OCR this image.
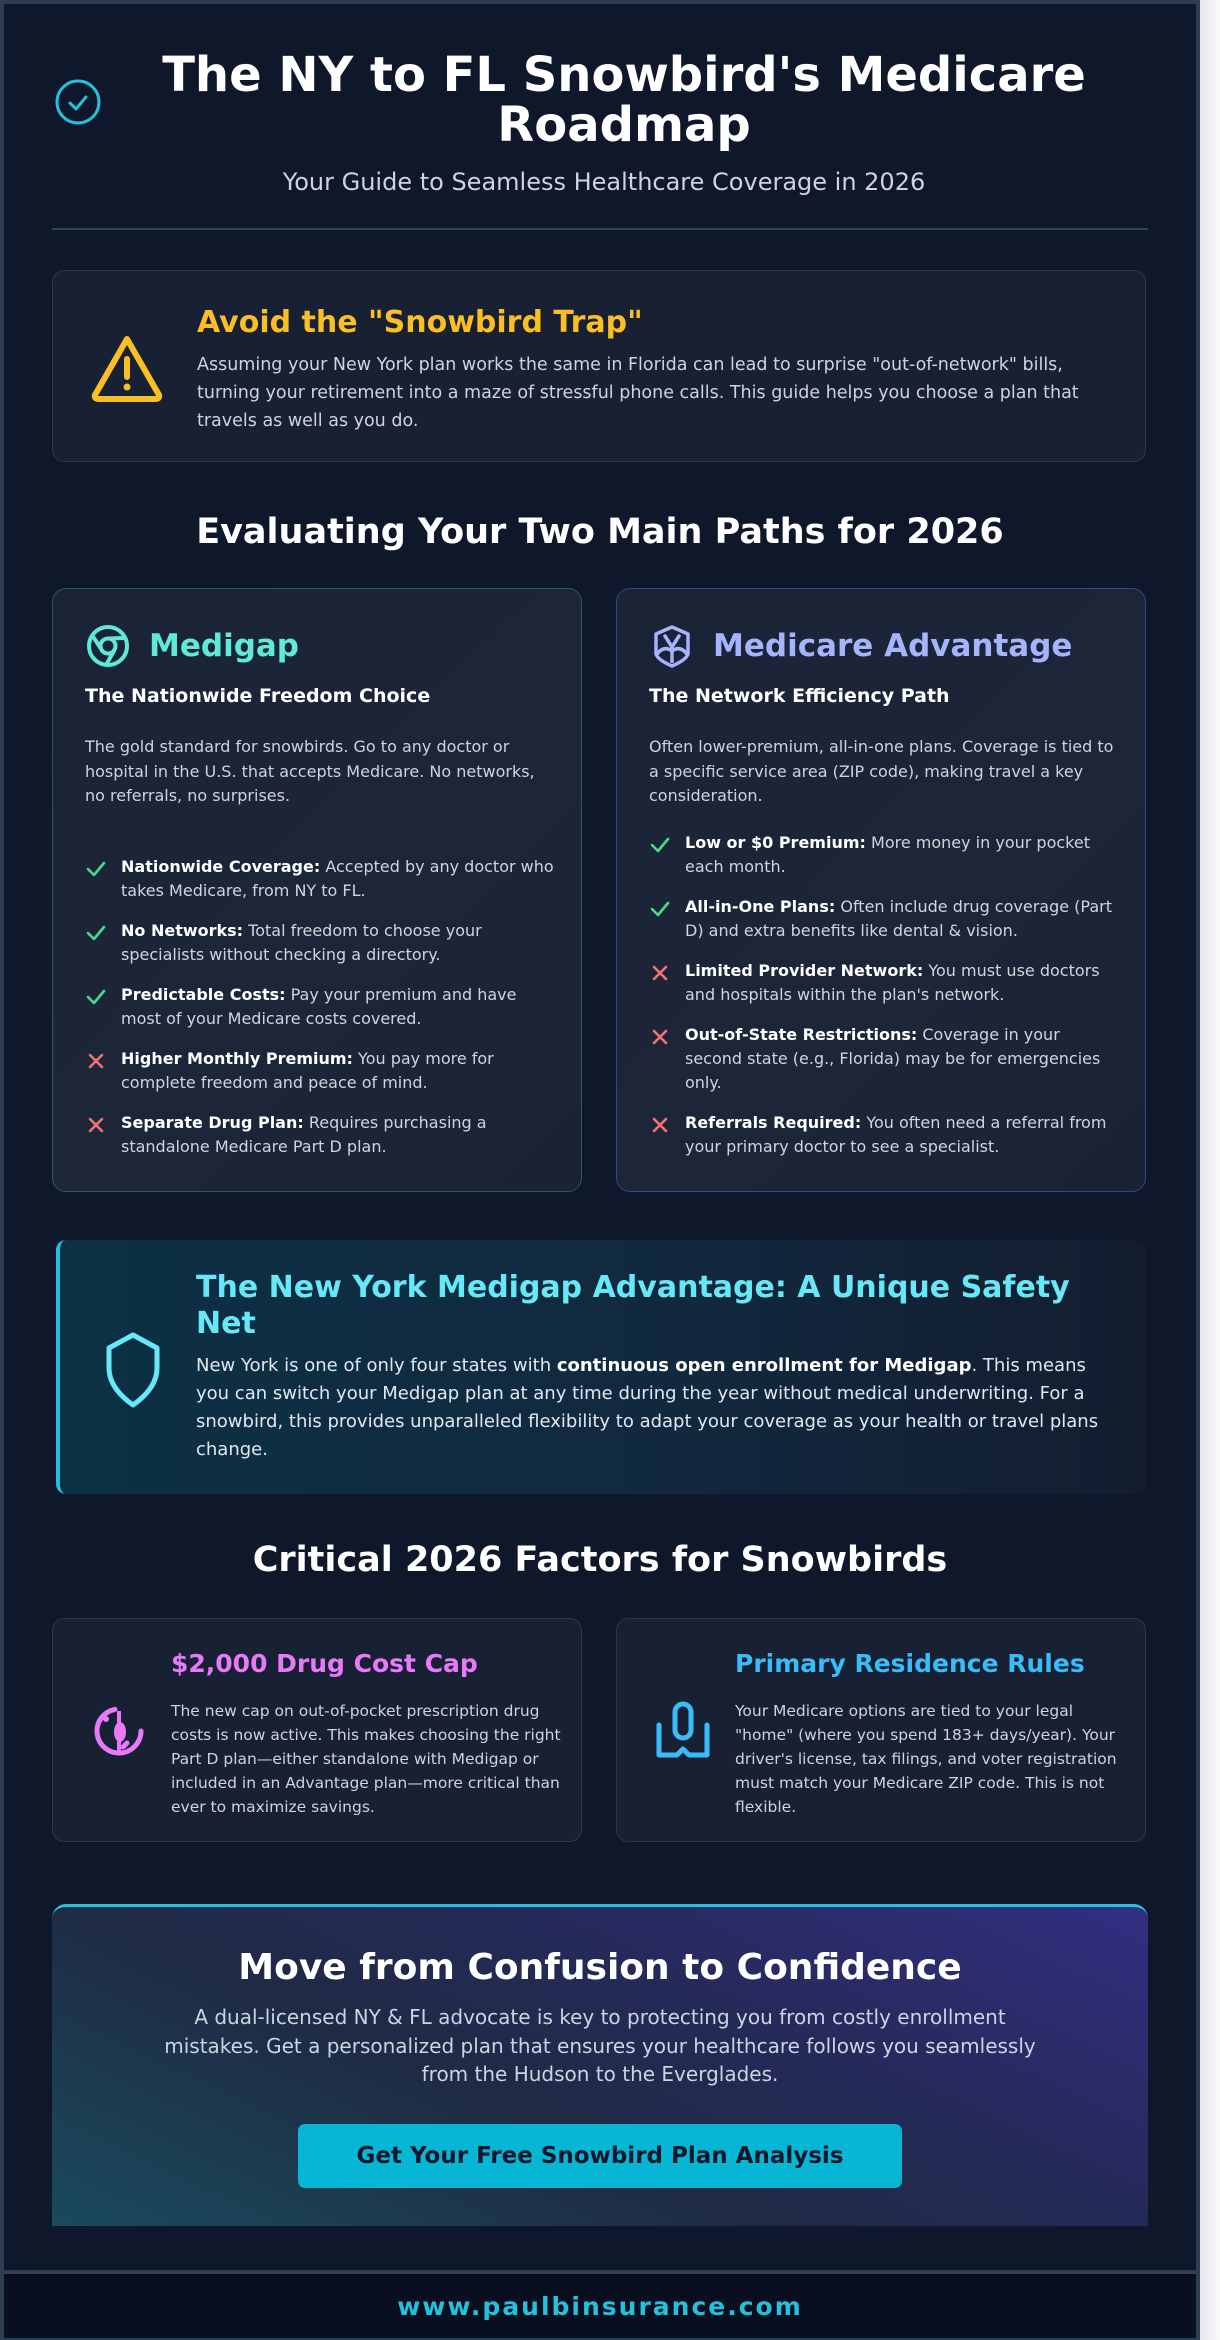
The NY to FL Snowbird's Medicare Roadmap

Your Guide to Seamless Healthcare Coverage in 2026

Avoid the "Snowbird Trap"

Assuming your New York plan works the same in Florida can lead to surprise "out-of-network" bills, turning your retirement into a maze of stressful phone calls. This guide helps you choose a plan that travels as well as you do.

Evaluating Your Two Main Paths for 2026
Medigap
The Nationwide Freedom Choice

The gold standard for snowbirds. Go to any doctor or hospital in the U.S. that accepts Medicare. No networks, no referrals, no surprises.

Nationwide Coverage: Accepted by any doctor who takes Medicare, from NY to FL.
No Networks: Total freedom to choose your specialists without checking a directory.
Predictable Costs: Pay your premium and have most of your Medicare costs covered.
Higher Monthly Premium: You pay more for complete freedom and peace of mind.
Separate Drug Plan: Requires purchasing a standalone Medicare Part D plan.
Medicare Advantage
The Network Efficiency Path

Often lower-premium, all-in-one plans. Coverage is tied to a specific service area (ZIP code), making travel a key consideration.

Low or $0 Premium: More money in your pocket each month.
All-in-One Plans: Often include drug coverage (Part D) and extra benefits like dental & vision.
Limited Provider Network: You must use doctors and hospitals within the plan's network.
Out-of-State Restrictions: Coverage in your second state (e.g., Florida) may be for emergencies only.
Referrals Required: You often need a referral from your primary doctor to see a specialist.
The New York Medigap Advantage: A Unique Safety Net

New York is one of only four states with continuous open enrollment for Medigap. This means you can switch your Medigap plan at any time during the year without medical underwriting. For a snowbird, this provides unparalleled flexibility to adapt your coverage as your health or travel plans change.

Critical 2026 Factors for Snowbirds
$2,000 Drug Cost Cap

The new cap on out-of-pocket prescription drug costs is now active. This makes choosing the right Part D plan—either standalone with Medigap or included in an Advantage plan—more critical than ever to maximize savings.

Primary Residence Rules

Your Medicare options are tied to your legal "home" (where you spend 183+ days/year). Your driver's license, tax filings, and voter registration must match your Medicare ZIP code. This is not flexible.

Move from Confusion to Confidence

A dual-licensed NY & FL advocate is key to protecting you from costly enrollment mistakes. Get a personalized plan that ensures your healthcare follows you seamlessly from the Hudson to the Everglades.

Get Your Free Snowbird Plan Analysis
www.paulbinsurance.com
